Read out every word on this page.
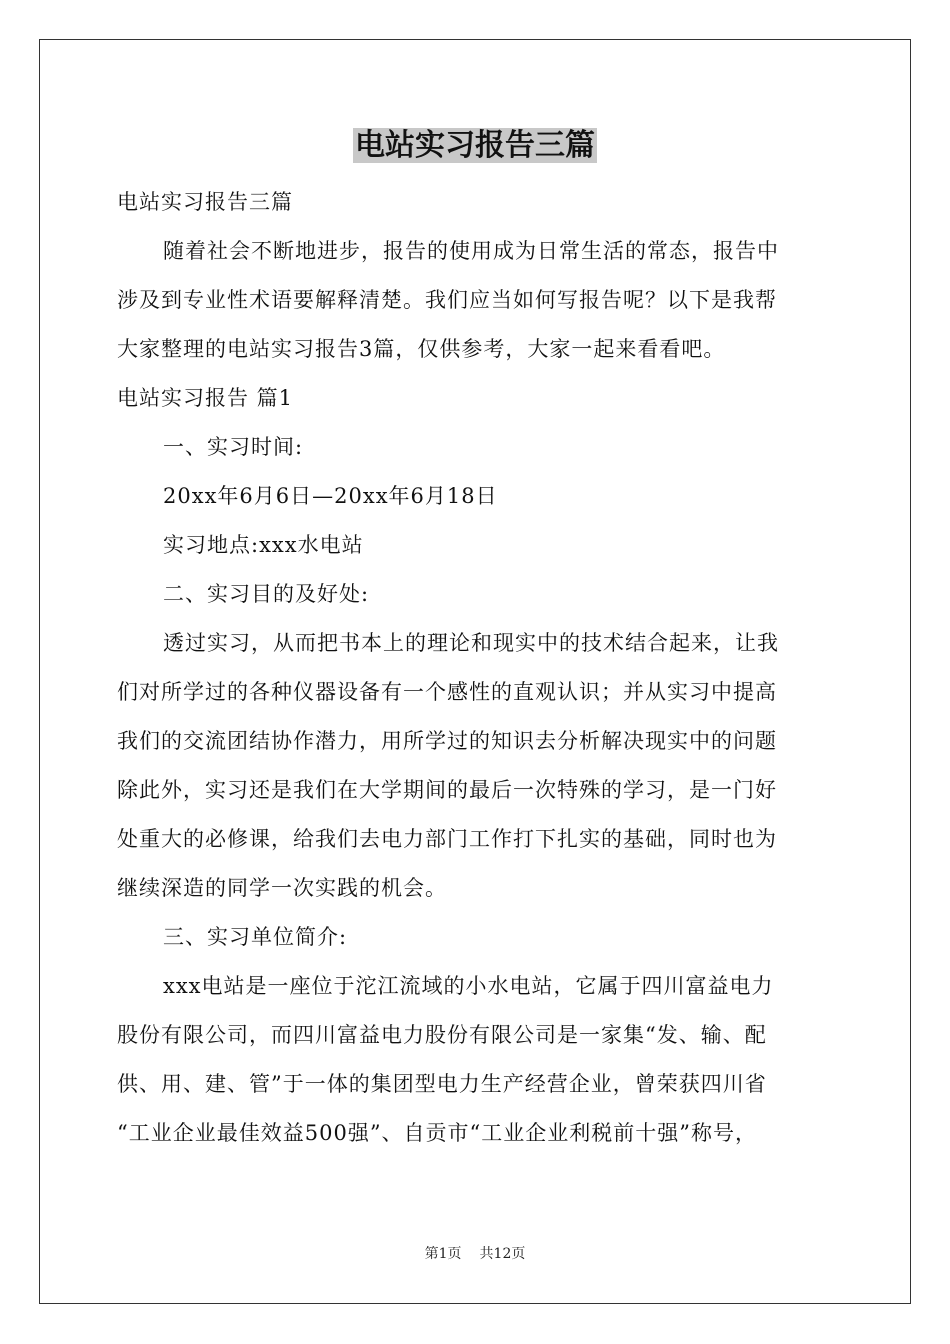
电站实习报告三篇
电站实习报告三篇
随着社会不断地进步，报告的使用成为日常生活的常态，报告中
涉及到专业性术语要解释清楚。我们应当如何写报告呢？以下是我帮
大家整理的电站实习报告3篇，仅供参考，大家一起来看看吧。
电站实习报告 篇1
一、实习时间:
20xx年6月6日—20xx年6月18日
实习地点:xxx水电站
二、实习目的及好处:
透过实习，从而把书本上的理论和现实中的技术结合起来，让我
们对所学过的各种仪器设备有一个感性的直观认识；并从实习中提高
我们的交流团结协作潜力，用所学过的知识去分析解决现实中的问题
除此外，实习还是我们在大学期间的最后一次特殊的学习，是一门好
处重大的必修课，给我们去电力部门工作打下扎实的基础，同时也为
继续深造的同学一次实践的机会。
三、实习单位简介:
xxx电站是一座位于沱江流域的小水电站，它属于四川富益电力
股份有限公司，而四川富益电力股份有限公司是一家集“发、输、配
供、用、建、管”于一体的集团型电力生产经营企业，曾荣获四川省
“工业企业最佳效益500强”、自贡市“工业企业利税前十强”称号，
第1页 共12页
